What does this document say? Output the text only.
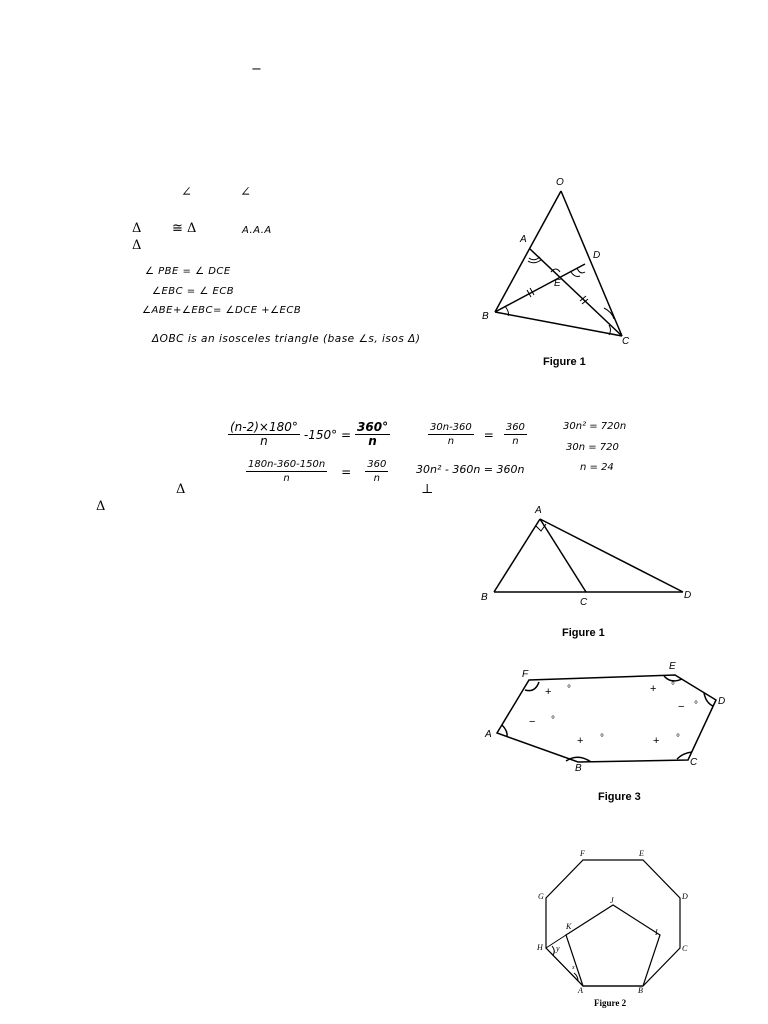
−
∠	∠
Δ ≅ Δ	A.A.A
Δ
∠ PBE = ∠ DCE
∠EBC = ∠ ECB
∠ABE+∠EBC= ∠DCE +∠ECB
ΔOBC is an isosceles triangle (base ∠s, isos Δ)
O
A
D
E
B
C
Figure 1
$\frac{(n-2)\times 180^\circ}{n} -150^\circ = \frac{360^\circ}{n}$
$\frac{180n-360-150n}{n} = \frac{360}{n}$
$\frac{30n-360}{n} = \frac{360}{n}$
30n² - 360n = 360n
30n² = 720n
30n = 720
n = 24
Δ
Δ
⊥
A
B	C
D
Figure 1
F
E
D
A
B
C
+ °	+ °
− °
− °
+ °	+ °
Figure 3
F	E
D
C
B
A
H
G
I
J
K
y
x
Figure 2
